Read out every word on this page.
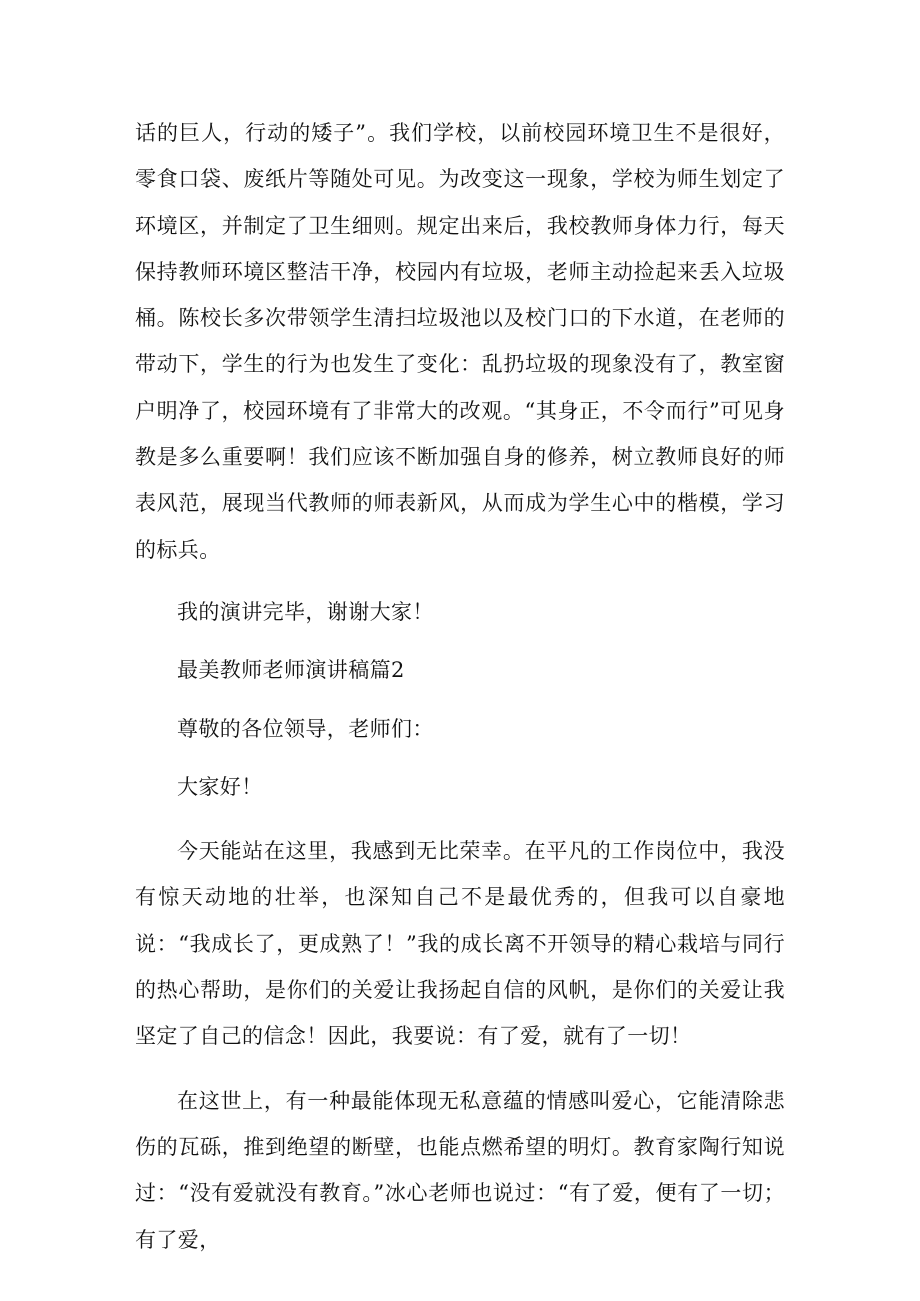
话的巨人，行动的矮子”。我们学校，以前校园环境卫生不是很好，零食口袋、废纸片等随处可见。为改变这一现象，学校为师生划定了环境区，并制定了卫生细则。规定出来后，我校教师身体力行，每天保持教师环境区整洁干净，校园内有垃圾，老师主动捡起来丢入垃圾桶。陈校长多次带领学生清扫垃圾池以及校门口的下水道，在老师的带动下，学生的行为也发生了变化：乱扔垃圾的现象没有了，教室窗户明净了，校园环境有了非常大的改观。“其身正，不令而行”可见身教是多么重要啊！我们应该不断加强自身的修养，树立教师良好的师表风范，展现当代教师的师表新风，从而成为学生心中的楷模，学习的标兵。

我的演讲完毕，谢谢大家！

最美教师老师演讲稿篇2

尊敬的各位领导，老师们：

大家好！

今天能站在这里，我感到无比荣幸。在平凡的工作岗位中，我没有惊天动地的壮举，也深知自己不是最优秀的，但我可以自豪地说：“我成长了，更成熟了！”我的成长离不开领导的精心栽培与同行的热心帮助，是你们的关爱让我扬起自信的风帆，是你们的关爱让我坚定了自己的信念！因此，我要说：有了爱，就有了一切！

在这世上，有一种最能体现无私意蕴的情感叫爱心，它能清除悲伤的瓦砾，推到绝望的断壁，也能点燃希望的明灯。教育家陶行知说过：“没有爱就没有教育。”冰心老师也说过：“有了爱，便有了一切；有了爱，
